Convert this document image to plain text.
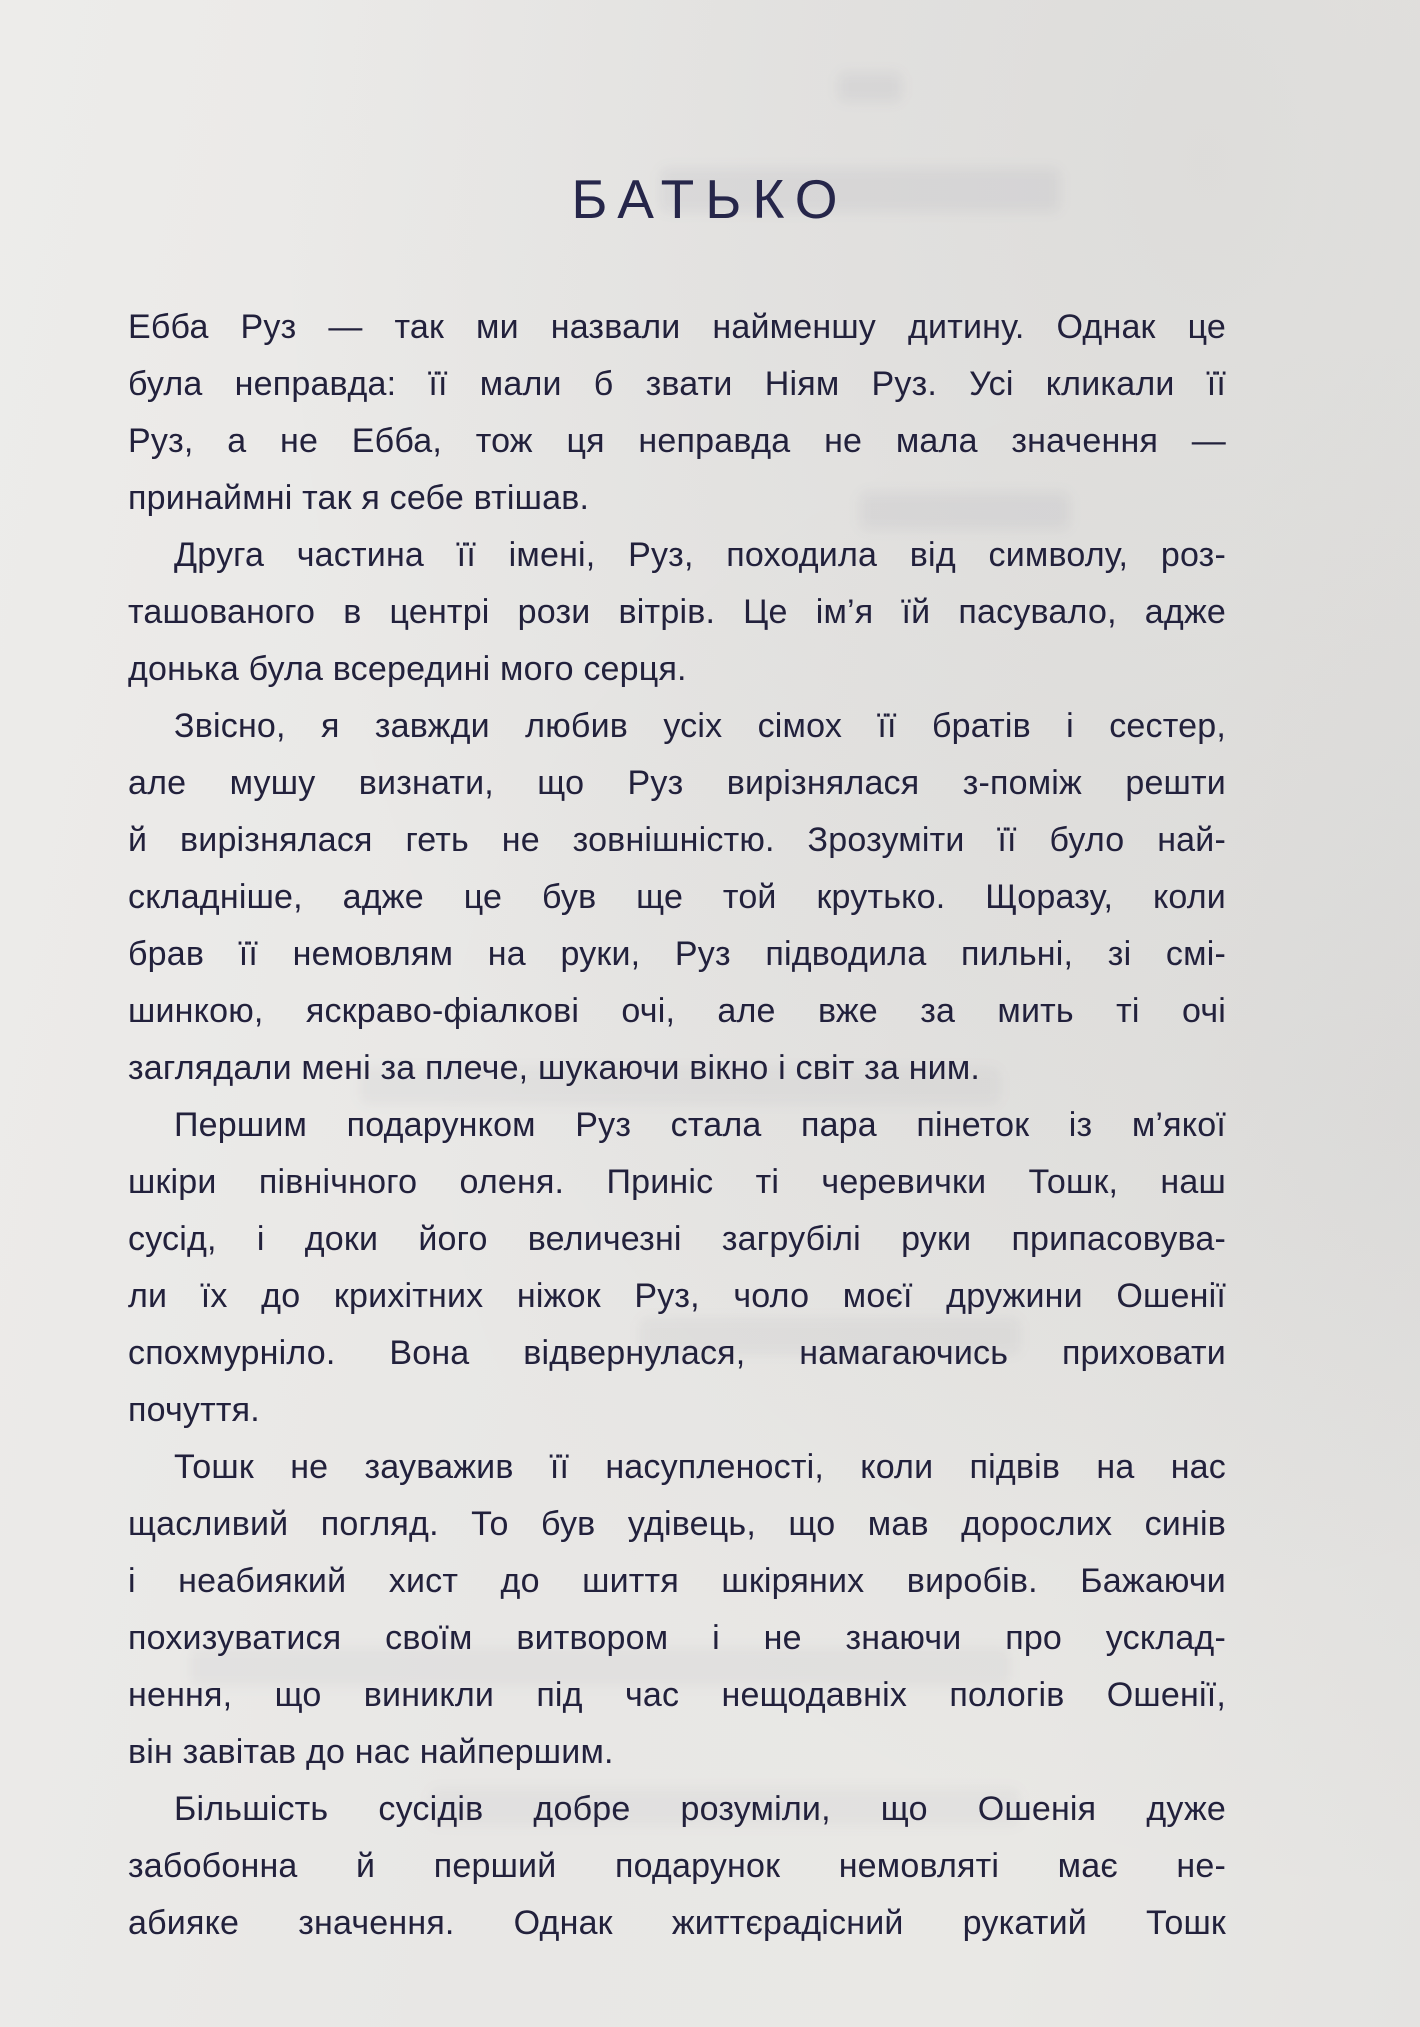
БАТЬКО
Ебба Руз — так ми назвали найменшу дитину. Однак це
була неправда: її мали б звати Ніям Руз. Усі кликали її
Руз, а не Ебба, тож ця неправда не мала значення —
принаймні так я себе втішав.
Друга частина її імені, Руз, походила від символу, роз-
ташованого в центрі рози вітрів. Це ім’я їй пасувало, адже
донька була всередині мого серця.
Звісно, я завжди любив усіх сімох її братів і сестер,
але мушу визнати, що Руз вирізнялася з-поміж решти
й вирізнялася геть не зовнішністю. Зрозуміти її було най-
складніше, адже це був ще той крутько. Щоразу, коли
брав її немовлям на руки, Руз підводила пильні, зі смі-
шинкою, яскраво-фіалкові очі, але вже за мить ті очі
заглядали мені за плече, шукаючи вікно і світ за ним.
Першим подарунком Руз стала пара пінеток із м’якої
шкіри північного оленя. Приніс ті черевички Тошк, наш
сусід, і доки його величезні загрубілі руки припасовува-
ли їх до крихітних ніжок Руз, чоло моєї дружини Ошенії
спохмурніло. Вона відвернулася, намагаючись приховати
почуття.
Тошк не зауважив її насупленості, коли підвів на нас
щасливий погляд. То був удівець, що мав дорослих синів
і неабиякий хист до шиття шкіряних виробів. Бажаючи
похизуватися своїм витвором і не знаючи про усклад-
нення, що виникли під час нещодавніх пологів Ошенії,
він завітав до нас найпершим.
Більшість сусідів добре розуміли, що Ошенія дуже
забобонна й перший подарунок немовляті має не-
абияке значення. Однак життєрадісний рукатий Тошк
